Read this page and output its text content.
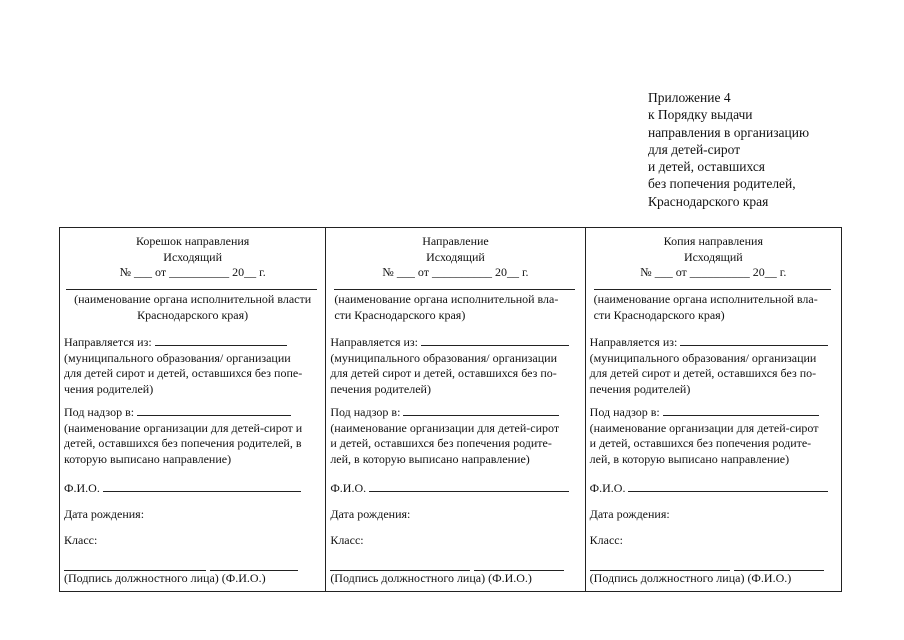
Приложение 4
к Порядку выдачи
направления в организацию
для детей-сирот
и детей, оставшихся
без попечения родителей,
Краснодарского края
Корешок направления
Исходящий
№ ___ от __________ 20__ г.
(наименование органа исполнительной власти
Краснодарского края)
Направляется из:
(муниципального образования/ организации
для детей сирот и детей, оставшихся без попе-
чения родителей)
Под надзор в:
(наименование организации для детей-сирот и
детей, оставшихся без попечения родителей, в
которую выписано направление)
Ф.И.О.
Дата рождения:
Класс:
(Подпись должностного лица) (Ф.И.О.)
Направление
Исходящий
№ ___ от __________ 20__ г.
(наименование органа исполнительной вла-
сти Краснодарского края)
Направляется из:
(муниципального образования/ организации
для детей сирот и детей, оставшихся без по-
печения родителей)
Под надзор в:
(наименование организации для детей-сирот
и детей, оставшихся без попечения родите-
лей, в которую выписано направление)
Ф.И.О.
Дата рождения:
Класс:
(Подпись должностного лица) (Ф.И.О.)
Копия направления
Исходящий
№ ___ от __________ 20__ г.
(наименование органа исполнительной вла-
сти Краснодарского края)
Направляется из:
(муниципального образования/ организации
для детей сирот и детей, оставшихся без по-
печения родителей)
Под надзор в:
(наименование организации для детей-сирот
и детей, оставшихся без попечения родите-
лей, в которую выписано направление)
Ф.И.О.
Дата рождения:
Класс:
(Подпись должностного лица) (Ф.И.О.)
